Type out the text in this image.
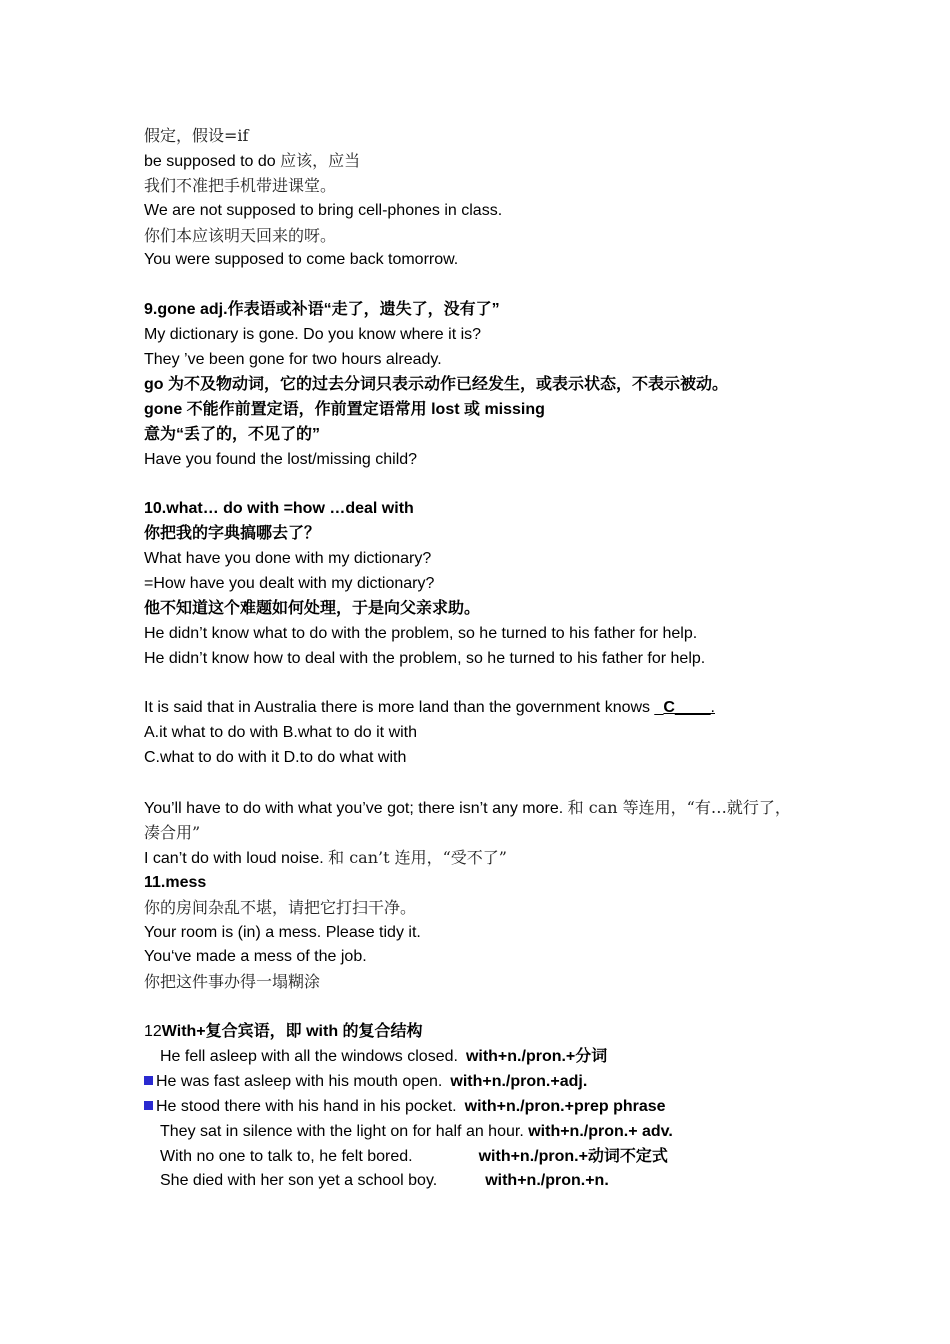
假定，假设=if
be supposed to do 应该，应当
我们不准把手机带进课堂。
We are not supposed to bring cell-phones in class.
你们本应该明天回来的呀。
You were supposed to come back tomorrow.
9.gone adj.作表语或补语“走了，遗失了，没有了”
My dictionary is gone. Do you know where it is?
They ’ve been gone for two hours already.
go 为不及物动词，它的过去分词只表示动作已经发生，或表示状态，不表示被动。
gone 不能作前置定语，作前置定语常用 lost 或 missing
意为“丢了的，不见了的”
Have you found the lost/missing child?
10.what… do with =how …deal with
你把我的字典搞哪去了？
What have you done with my dictionary?
=How have you dealt with my dictionary?
他不知道这个难题如何处理，于是向父亲求助。
He didn’t know what to do with the problem, so he turned to his father for help.
He didn’t know how to deal with the problem, so he turned to his father for help.
It is said that in Australia there is more land than the government knows _C____.
A.it what to do with B.what to do it with
C.what to do with it D.to do what with
You’ll have to do with what you’ve got; there isn’t any more. 和 can 等连用，“有…就行了，
凑合用”
I can’t do with loud noise. 和 can’t 连用，“受不了”
11.mess
你的房间杂乱不堪，请把它打扫干净。
Your room is (in) a mess. Please tidy it.
You‘ve made a mess of the job.
你把这件事办得一塌糊涂
12With+复合宾语，即 with 的复合结构
He fell asleep with all the windows closed. with+n./pron.+分词
He was fast asleep with his mouth open. with+n./pron.+adj.
He stood there with his hand in his pocket. with+n./pron.+prep phrase
They sat in silence with the light on for half an hour. with+n./pron.+ adv.
With no one to talk to, he felt bored.	with+n./pron.+动词不定式
She died with her son yet a school boy.	with+n./pron.+n.
